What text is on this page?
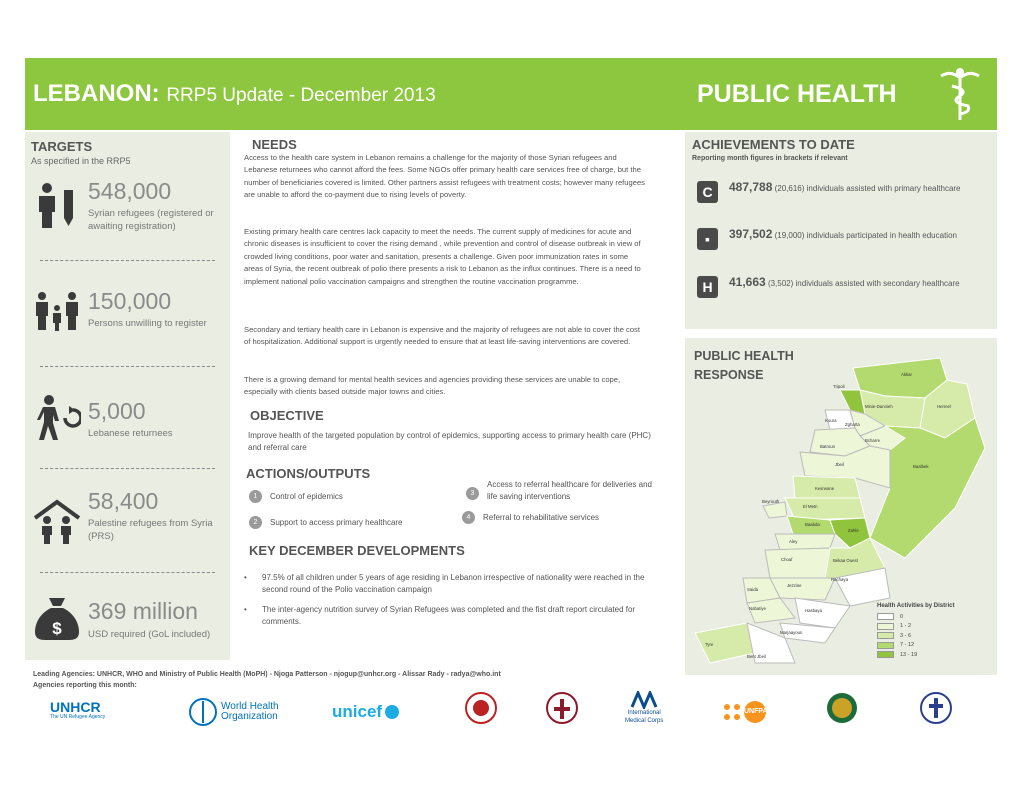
LEBANON: RRP5 Update - December 2013	PUBLIC HEALTH
TARGETS
As specified in the RRP5
548,000
Syrian refugees (registered or awaiting registration)
150,000
Persons unwilling to register
5,000
Lebanese returnees
58,400
Palestine refugees from Syria (PRS)
$
369 million
USD required (GoL included)
NEEDS

Access to the health care system in Lebanon remains a challenge for the majority of those Syrian refugees and Lebanese returnees who cannot afford the fees. Some NGOs offer primary health care services free of charge, but the number of beneficiaries covered is limited. Other partners assist refugees with treatment costs; however many refugees are unable to afford the co-payment due to rising levels of poverty.

Existing primary health care centres lack capacity to meet the needs. The current supply of medicines for acute and chronic diseases is insufficient to cover the rising demand , while prevention and control of disease outbreak in view of crowded living conditions, poor water and sanitation, presents a challenge. Given poor immunization rates in some areas of Syria, the recent outbreak of polio there presents a risk to Lebanon as the influx continues. There is a need to implement national polio vaccination campaigns and strengthen the routine vaccination programme.

Secondary and tertiary health care in Lebanon is expensive and the majority of refugees are not able to cover the cost of hospitalization. Additional support is urgently needed to ensure that at least life-saving interventions are covered.

There is a growing demand for mental health sevices and agencies providing these services are unable to cope, especially with clients based outside major towns and cities.

OBJECTIVE

Improve health of the targeted population by control of epidemics, supporting access to primary health care (PHC) and referral care

ACTIONS/OUTPUTS
1	Control of epidemics
2	Support to access primary healthcare
3
Access to referral healthcare for deliveries and life saving interventions
4	Referral to rehabilitative services
KEY DECEMBER DEVELOPMENTS
• 97.5% of all children under 5 years of age residing in Lebanon irrespective of nationality were reached in the second round of the Polio vaccination campaign
• The inter-agency nutrition survey of Syrian Refugees was completed and the fist draft report circulated for comments.
ACHIEVEMENTS TO DATE
Reporting month figures in brackets if relevant
C	487,788 (20,616) individuals assisted with primary healthcare
▪	397,502 (19,000) individuals participated in health education
H	41,663 (3,502) individuals assisted with secondary healthcare
PUBLIC HEALTH RESPONSE	Akkar
Minie-Dannieh	Hermel
Tripoli
Koura
Zgharta
Batroun
Bcharre
Jbeil	Baalbek
Kesrwane
El Metn
Beyrouth
Baabda
Aley
Zahle
Chouf	Bekaa Ouest
Jezzine
Rachaya
Saida
Nabatiye	Hasbaya
Marjaayoun
Tyre
Bent Jbeil
Health Activities by District
0
1 - 2
3 - 6
7 - 12
13 - 19
Leading Agencies: UNHCR, WHO and Ministry of Public Health (MoPH) - Njoga Patterson - njogup@unhcr.org - Alissar Rady - radya@who.int
Agencies reporting this month:
UNHCR
The UN Refugee Agency
World Health
Organization	unicef	International
Medical Corps
UNFPA
